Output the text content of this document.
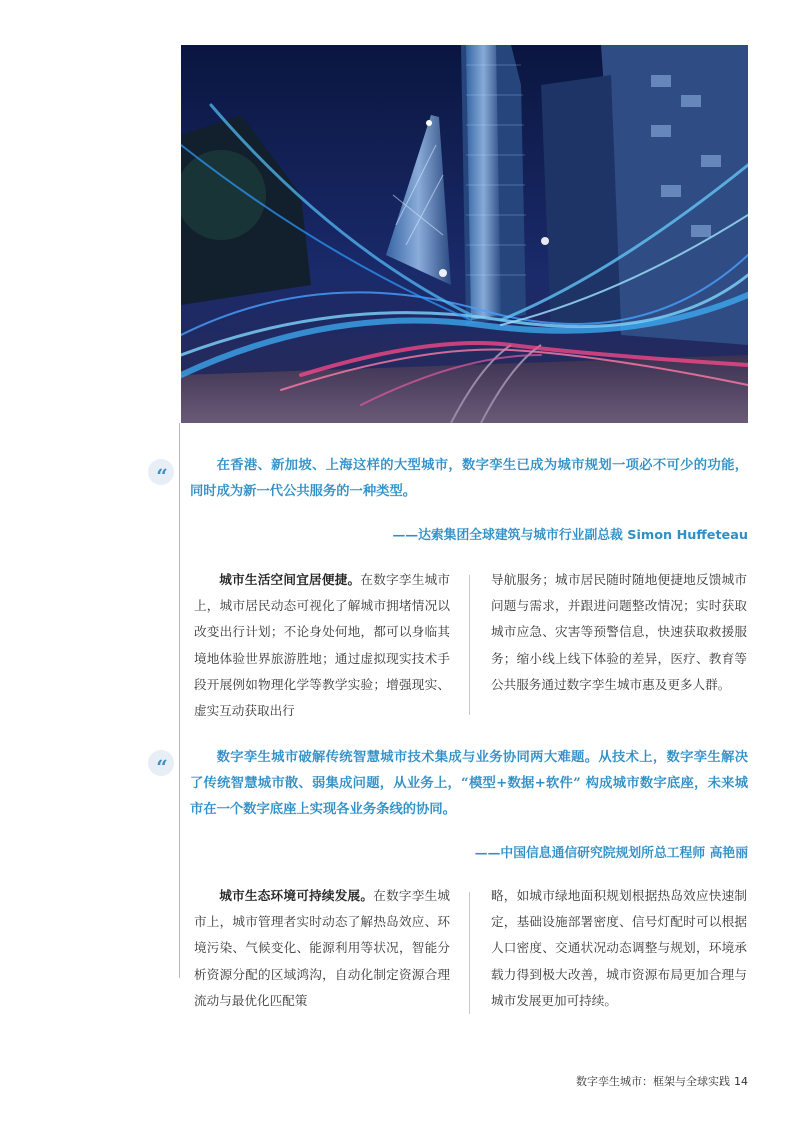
“	在香港、新加坡、上海这样的大型城市，数字孪生已成为城市规划一项必不可少的功能，同时成为新一代公共服务的一种类型。

——达索集团全球建筑与城市行业副总裁 Simon Huffeteau

城市生活空间宜居便捷。在数字孪生城市上，城市居民动态可视化了解城市拥堵情况以改变出行计划；不论身处何地，都可以身临其境地体验世界旅游胜地；通过虚拟现实技术手段开展例如物理化学等教学实验；增强现实、虚实互动获取出行

导航服务；城市居民随时随地便捷地反馈城市问题与需求，并跟进问题整改情况；实时获取城市应急、灾害等预警信息，快速获取救援服务；缩小线上线下体验的差异，医疗、教育等公共服务通过数字孪生城市惠及更多人群。

“	数字孪生城市破解传统智慧城市技术集成与业务协同两大难题。从技术上，数字孪生解决了传统智慧城市散、弱集成问题，从业务上，“模型+数据+软件” 构成城市数字底座，未来城市在一个数字底座上实现各业务条线的协同。

——中国信息通信研究院规划所总工程师 高艳丽

城市生态环境可持续发展。在数字孪生城市上，城市管理者实时动态了解热岛效应、环境污染、气候变化、能源利用等状况，智能分析资源分配的区域鸿沟，自动化制定资源合理流动与最优化匹配策

略，如城市绿地面积规划根据热岛效应快速制定，基础设施部署密度、信号灯配时可以根据人口密度、交通状况动态调整与规划，环境承载力得到极大改善，城市资源布局更加合理与城市发展更加可持续。

数字孪生城市：框架与全球实践 14
